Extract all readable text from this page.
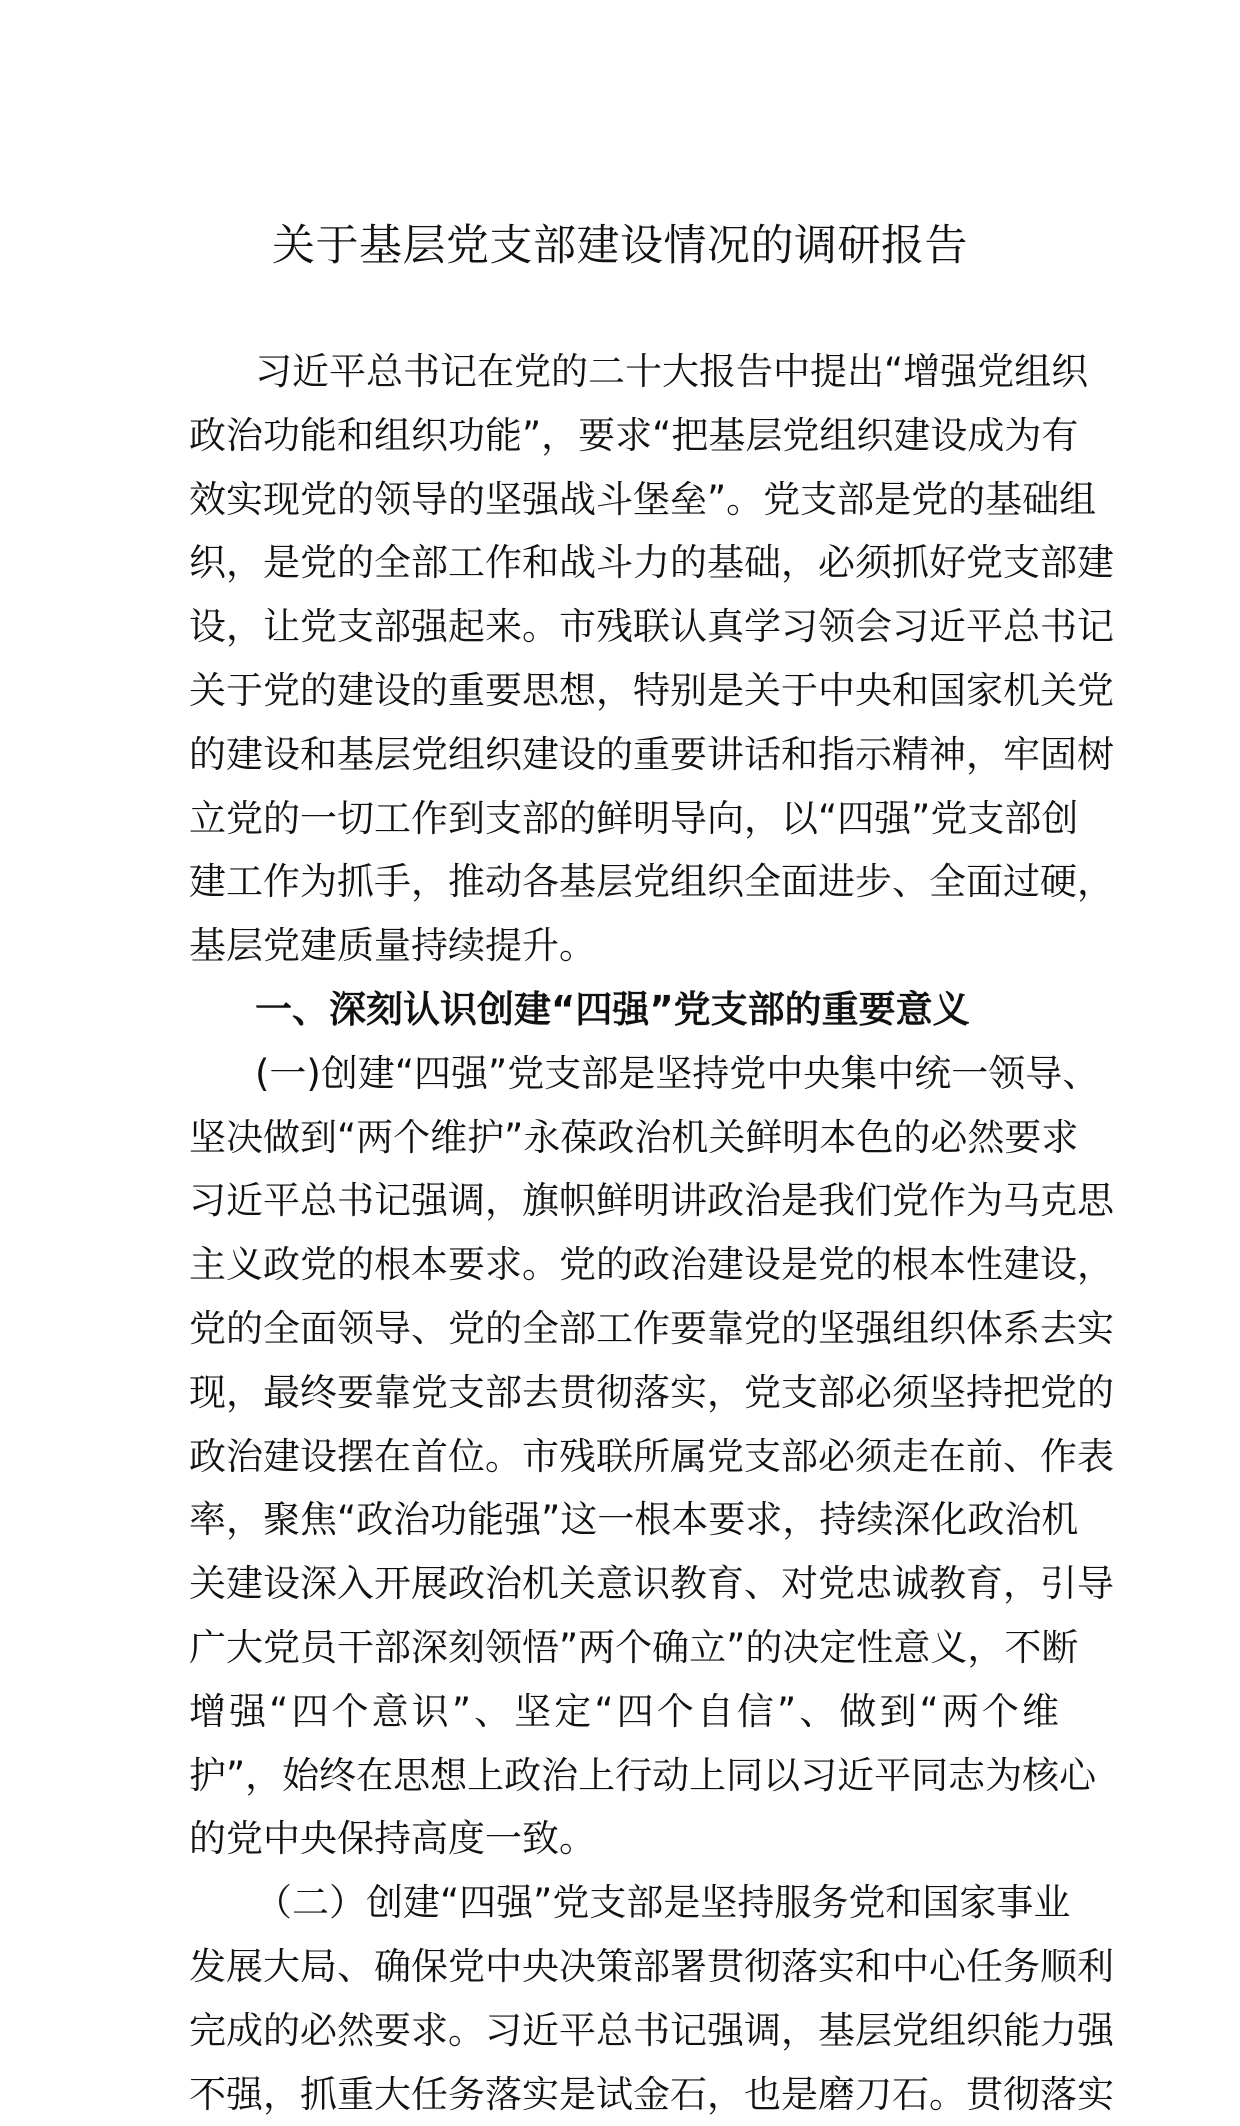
关于基层党支部建设情况的调研报告
习近平总书记在党的二十大报告中提出“增强党组织
政治功能和组织功能”，要求“把基层党组织建设成为有
效实现党的领导的坚强战斗堡垒”。党支部是党的基础组
织，是党的全部工作和战斗力的基础，必须抓好党支部建
设，让党支部强起来。市残联认真学习领会习近平总书记
关于党的建设的重要思想，特别是关于中央和国家机关党
的建设和基层党组织建设的重要讲话和指示精神，牢固树
立党的一切工作到支部的鲜明导向，以“四强”党支部创
建工作为抓手，推动各基层党组织全面进步、全面过硬，
基层党建质量持续提升。
一、深刻认识创建“四强”党支部的重要意义
(一)创建“四强”党支部是坚持党中央集中统一领导、
坚决做到“两个维护”永葆政治机关鲜明本色的必然要求
习近平总书记强调，旗帜鲜明讲政治是我们党作为马克思
主义政党的根本要求。党的政治建设是党的根本性建设，
党的全面领导、党的全部工作要靠党的坚强组织体系去实
现，最终要靠党支部去贯彻落实，党支部必须坚持把党的
政治建设摆在首位。市残联所属党支部必须走在前、作表
率，聚焦“政治功能强”这一根本要求，持续深化政治机
关建设深入开展政治机关意识教育、对党忠诚教育，引导
广大党员干部深刻领悟”两个确立”的决定性意义，不断
增强“四个意识”、坚定“四个自信”、做到“两个维
护”，始终在思想上政治上行动上同以习近平同志为核心
的党中央保持高度一致。
（二）创建“四强”党支部是坚持服务党和国家事业
发展大局、确保党中央决策部署贯彻落实和中心任务顺利
完成的必然要求。习近平总书记强调，基层党组织能力强
不强，抓重大任务落实是试金石，也是磨刀石。贯彻落实
